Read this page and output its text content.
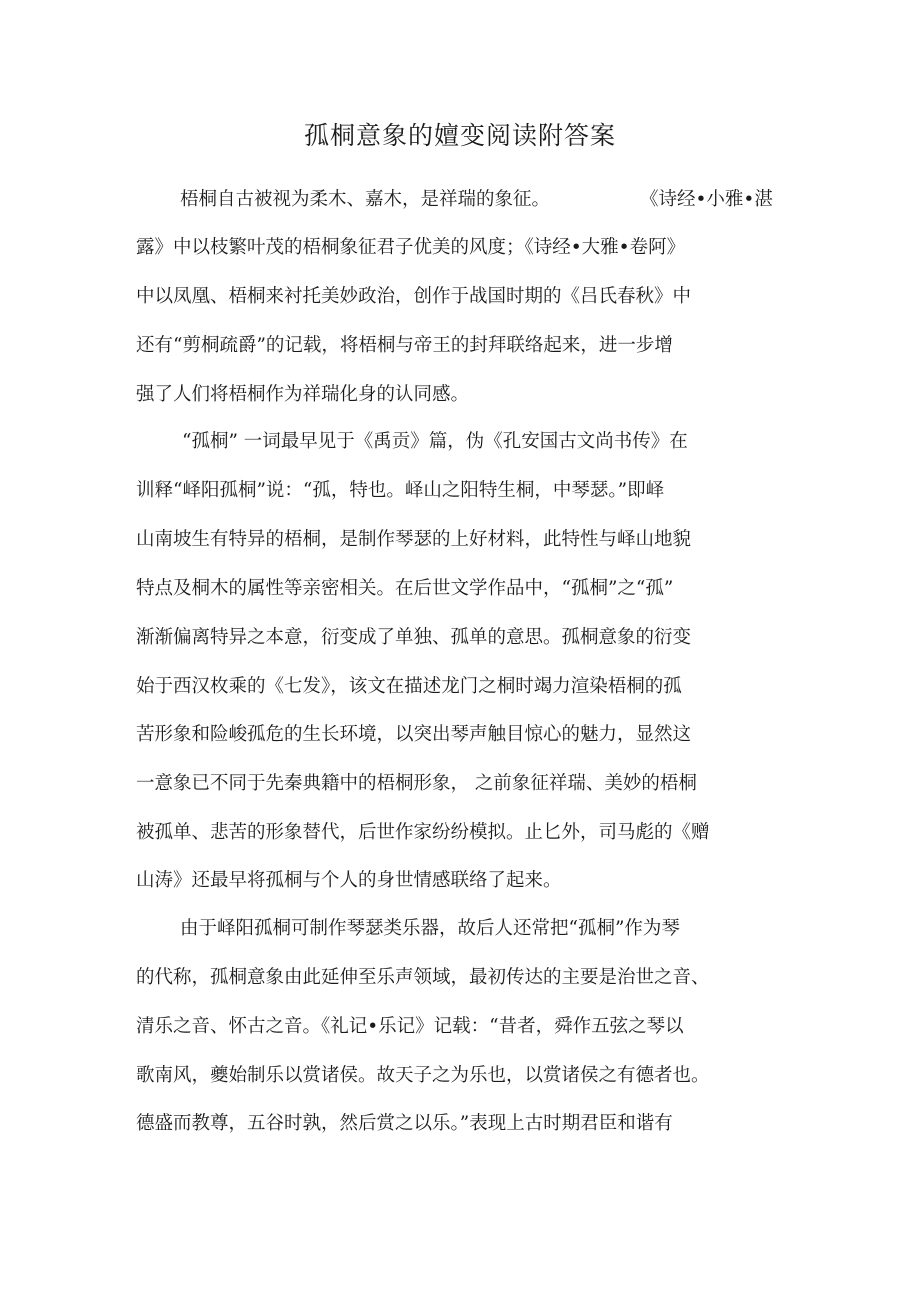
孤桐意象的嬗变阅读附答案
梧桐自古被视为柔木、嘉木，是祥瑞的象征。	《诗经•小雅•湛
露》中以枝繁叶茂的梧桐象征君子优美的风度；《诗经•大雅•卷阿》
中以凤凰、梧桐来衬托美妙政治，创作于战国时期的《吕氏春秋》中
还有“剪桐疏爵”的记载，将梧桐与帝王的封拜联络起来，进一步增
强了人们将梧桐作为祥瑞化身的认同感。
“孤桐” 一词最早见于《禹贡》篇，伪《孔安国古文尚书传》在
训释“峄阳孤桐”说：“孤，特也。峄山之阳特生桐，中琴瑟。”即峄
山南坡生有特异的梧桐，是制作琴瑟的上好材料，此特性与峄山地貌
特点及桐木的属性等亲密相关。在后世文学作品中，“孤桐”之“孤”
渐渐偏离特异之本意，衍变成了单独、孤单的意思。孤桐意象的衍变
始于西汉枚乘的《七发》，该文在描述龙门之桐时竭力渲染梧桐的孤
苦形象和险峻孤危的生长环境，以突出琴声触目惊心的魅力，显然这
一意象已不同于先秦典籍中的梧桐形象， 之前象征祥瑞、美妙的梧桐
被孤单、悲苦的形象替代，后世作家纷纷模拟。止匕外，司马彪的《赠
山涛》还最早将孤桐与个人的身世情感联络了起来。
由于峄阳孤桐可制作琴瑟类乐器，故后人还常把“孤桐”作为琴
的代称，孤桐意象由此延伸至乐声领域，最初传达的主要是治世之音、
清乐之音、怀古之音。《礼记•乐记》记载：“昔者，舜作五弦之琴以
歌南风，夔始制乐以赏诸侯。故天子之为乐也，以赏诸侯之有德者也。
德盛而教尊，五谷时孰，然后赏之以乐。”表现上古时期君臣和谐有
